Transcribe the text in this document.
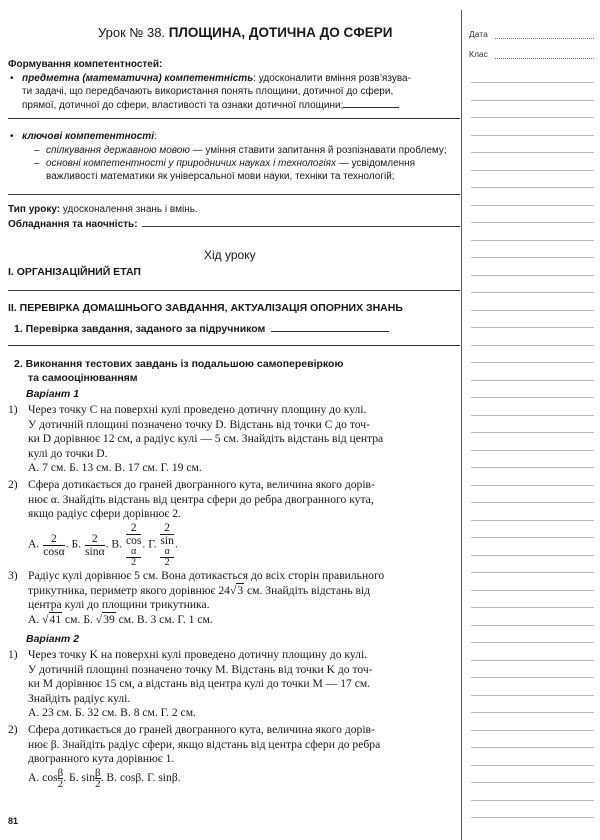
Дата
Клас
Урок № 38. ПЛОЩИНА, ДОТИЧНА ДО СФЕРИ
Формування компетентностей:
• предметна (математична) компетентність: удосконалити вміння розв’язува-
ти задачі, що передбачають використання понять площини, дотичної до сфери,
прямої, дотичної до сфери, властивості та ознаки дотичної площини;
• ключові компетентності:
– спілкування державною мовою — уміння ставити запитання й розпізнавати проблему;
– основні компетентності у природничих науках і технологіях — усвідомлення
важливості математики як універсальної мови науки, техніки та технологій;
Тип уроку: удосконалення знань і вмінь.
Обладнання та наочність:
Хід уроку
І. ОРГАНІЗАЦІЙНИЙ ЕТАП
ІІ. ПЕРЕВІРКА ДОМАШНЬОГО ЗАВДАННЯ, АКТУАЛІЗАЦІЯ ОПОРНИХ ЗНАНЬ
1. Перевірка завдання, заданого за підручником
2. Виконання тестових завдань із подальшою самоперевіркою
та самооцінюванням
Варіант 1
1) Через точку C на поверхні кулі проведено дотичну площину до кулі.
У дотичній площині позначено точку D. Відстань від точки C до точ-
ки D дорівнює 12 см, а радіус кулі — 5 см. Знайдіть відстань від центра
кулі до точки D.
А. 7 см. Б. 13 см. В. 17 см. Г. 19 см.
2) Сфера дотикається до граней двогранного кута, величина якого дорів-
нює α. Знайдіть відстань від центра сфери до ребра двогранного кута,
якщо радіус сфери дорівнює 2.
А. $\frac{2}{\cos\alpha}$ . Б. $\frac{2}{\sin\alpha}$ . В. 2
cos
α
2 . Г. 2
sin
α
2 .
3) Радіус кулі дорівнює 5 см. Вона дотикається до всіх сторін правильного
трикутника, периметр якого дорівнює 24√3 см. Знайдіть відстань від
центра кулі до площини трикутника.
А. √41 см. Б. √39 см. В. 3 см. Г. 1 см.
Варіант 2
1) Через точку K на поверхні кулі проведено дотичну площину до кулі.
У дотичній площині позначено точку M. Відстань від точки K до точ-
ки M дорівнює 15 см, а відстань від центра кулі до точки M — 17 см.
Знайдіть радіус кулі.
А. 23 см. Б. 32 см. В. 8 см. Г. 2 см.
2) Сфера дотикається до граней двогранного кута, величина якого дорів-
нює β. Знайдіть радіус сфери, якщо відстань від центра сфери до ребра
двогранного кута дорівнює 1.
А. $\cos \frac{\beta}{2}$ . Б. $\sin \frac{\beta}{2}$ . В. cosβ. Г. sinβ.
81
